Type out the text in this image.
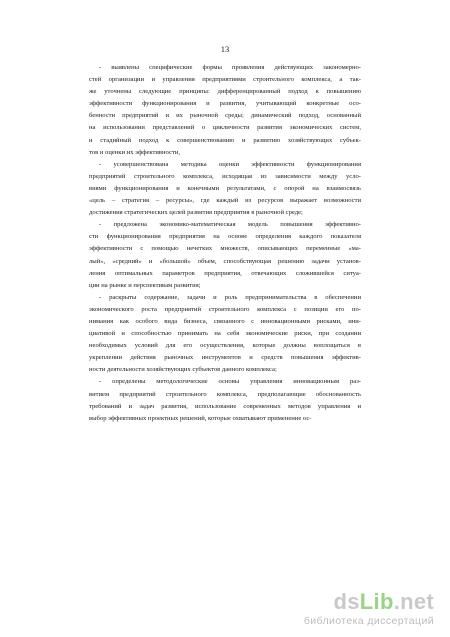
13

- выявлены специфические формы проявления действующих закономерно-
стей организации и управления предприятиями строительного комплекса, а так-
же уточнены следующие принципы: дифференцированный подход к повышению
эффективности функционирования и развития, учитывающий конкретные осо-
бенности предприятий и их рыночной среды; динамический подход, основанный
на использовании представлений о цикличности развития экономических систем,
и стадийный подход к совершенствованию и развитию хозяйствующих субъек-
тов и оценки их эффективности,

- усовершенствована методика оценки эффективности функционирования
предприятий строительного комплекса, исходящая из зависимости между усло-
виями функционирования и конечными результатами, с опорой на взаимосвязь
«цель – стратегия – ресурсы», где каждый из ресурсов выражает возможности
достижения стратегических целей развития предприятия в рыночной среде;

- предложена экономико-математическая модель повышения эффективно-
сти функционирования предприятия на основе определения каждого показателя
эффективности с помощью нечетких множеств, описывающих переменные «ма-
лый», «средний» и «большой» объем, способствующая решению задачи установ-
ления оптимальных параметров предприятия, отвечающих сложившейся ситуа-
ции на рынке и перспективам развития;

- раскрыты содержание, задачи и роль предпринимательства в обеспечении
экономического роста предприятий строительного комплекса с позиции его по-
нимания как особого вида бизнеса, связанного с инновационными рисками, ини-
циативой и способностью принимать на себя экономические риски, при создании
необходимых условий для его осуществления, которые должны воплощаться в
укреплении действия рыночных инструментов и средств повышения эффектив-
ности деятельности хозяйствующих субъектов данного комплекса;

- определены методологические основы управления инновационным раз-
витием предприятий строительного комплекса, предполагающие обоснованность
требований и задач развития, использование современных методов управления и
выбор эффективных проектных решений, которые охватывают применение ос-

dsLib.net
библиотека диссертаций
